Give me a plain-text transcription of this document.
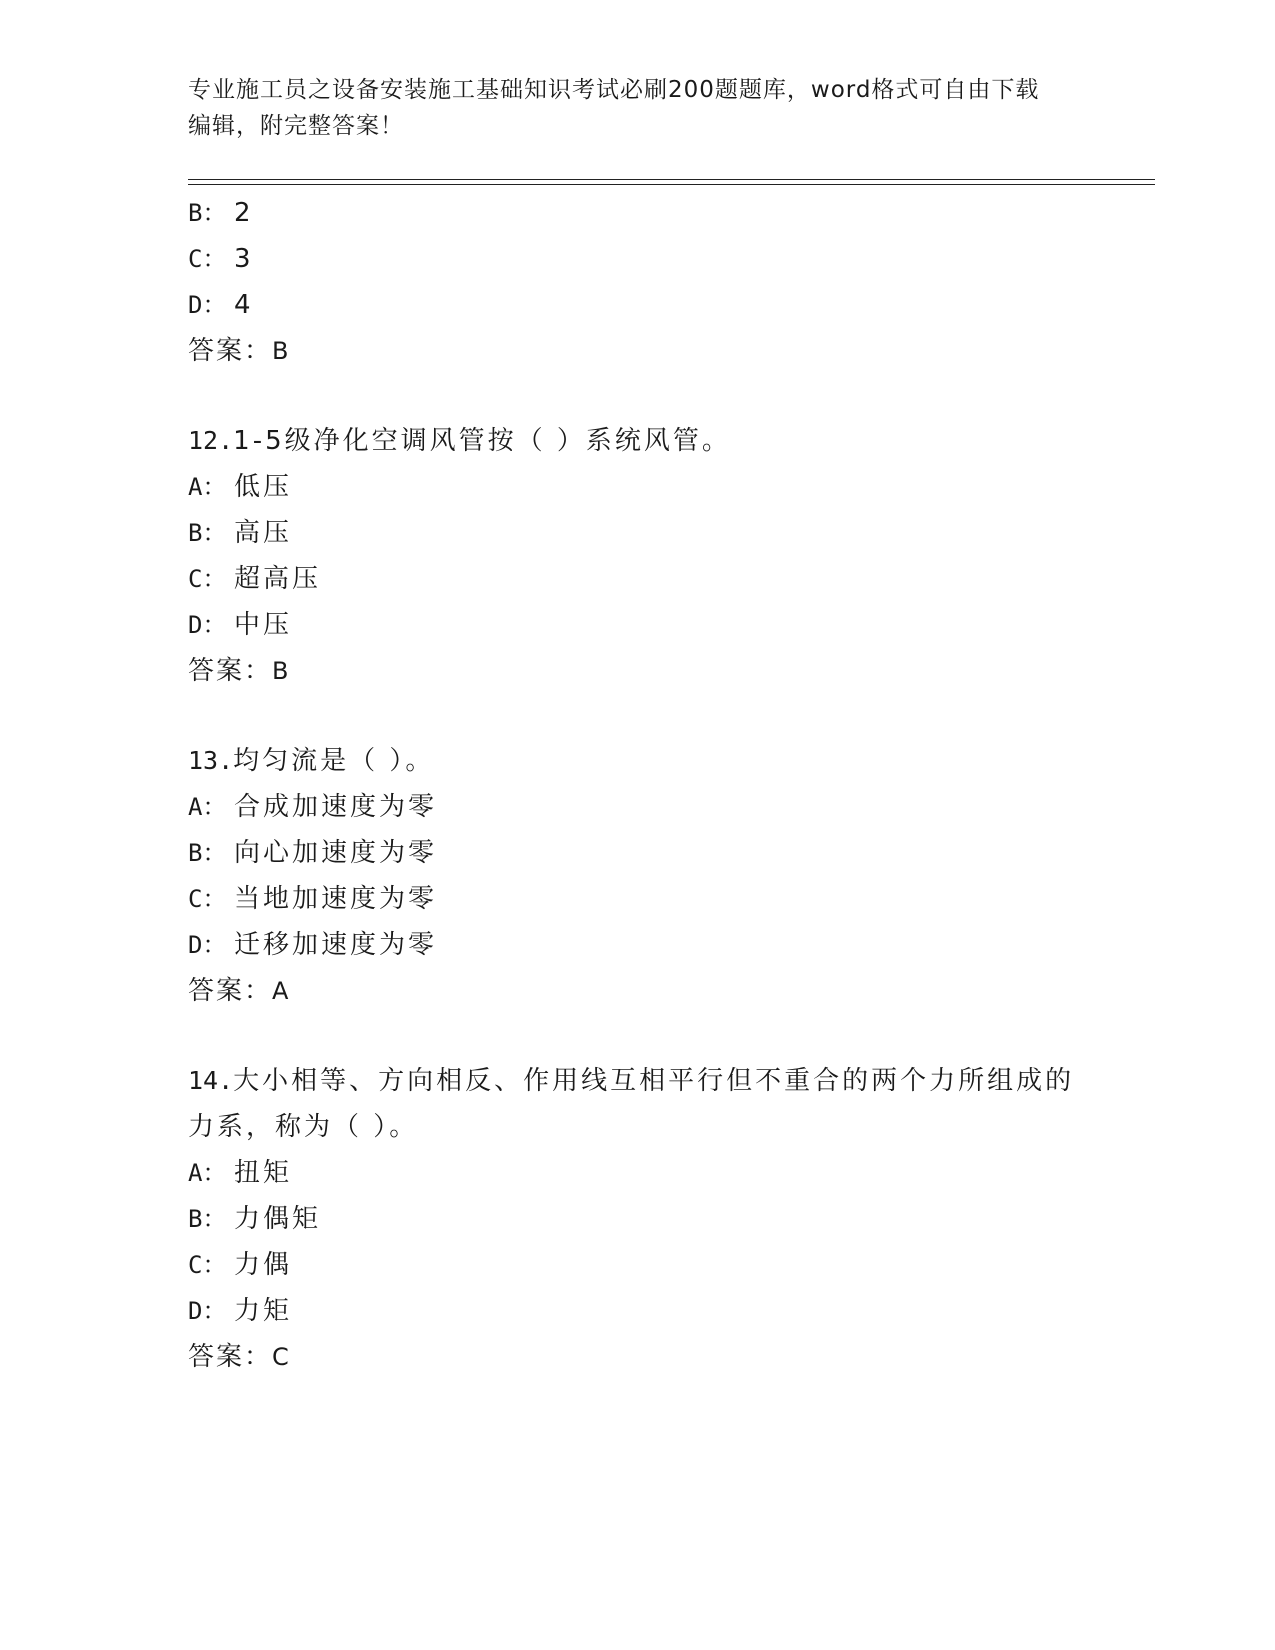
专业施工员之设备安装施工基础知识考试必刷200题题库，word格式可自由下载
编辑，附完整答案！
B： 2
C： 3
D： 4
答案：B
12.1-5级净化空调风管按（ ）系统风管。
A： 低压
B： 高压
C： 超高压
D： 中压
答案：B
13.均匀流是（ ）。
A： 合成加速度为零
B： 向心加速度为零
C： 当地加速度为零
D： 迁移加速度为零
答案：A
14.大小相等、方向相反、作用线互相平行但不重合的两个力所组成的
力系，称为（ ）。
A： 扭矩
B： 力偶矩
C： 力偶
D： 力矩
答案：C
